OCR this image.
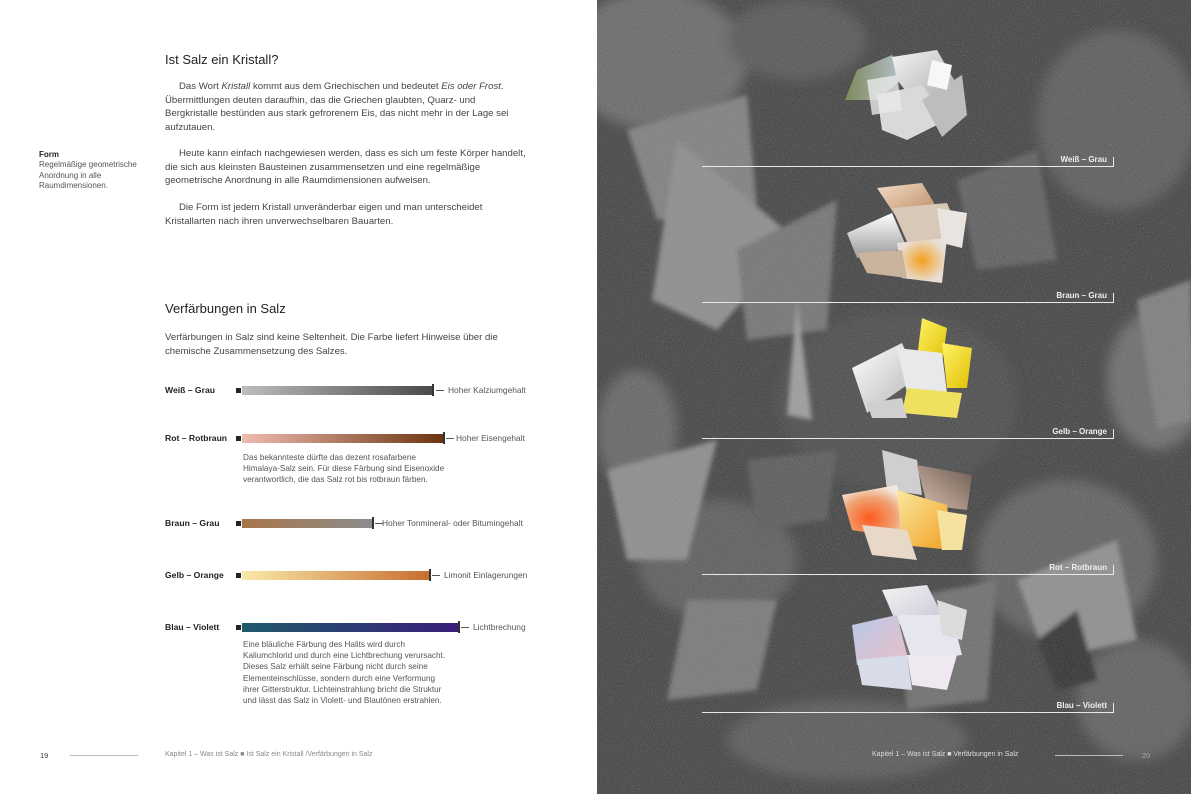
Ist Salz ein Kristall?
Das Wort Kristall kommt aus dem Griechischen und bedeutet Eis oder Frost. Übermittlungen deuten daraufhin, das die Griechen glaubten, Quarz- und Bergkristalle bestünden aus stark gefrorenem Eis, das nicht mehr in der Lage sei aufzutauen.
Heute kann einfach nachgewiesen werden, dass es sich um feste Körper handelt, die sich aus kleinsten Bausteinen zusammensetzen und eine regelmäßige geometrische Anordnung in alle Raumdimensionen aufweisen.
Die Form ist jedem Kristall unveränderbar eigen und man unterscheidet Kristallarten nach ihren unverwechselbaren Bauarten.
Form
Regelmäßige geometrische Anordnung in alle Raumdimensionen.
Verfärbungen in Salz
Verfärbungen in Salz sind keine Seltenheit. Die Farbe liefert Hinweise über die chemische Zusammensetzung des Salzes.
Weiß – Grau	Hoher Kalziumgehalt
Rot – Rotbraun	Hoher Eisengehalt
Das bekannteste dürfte das dezent rosafarbene Himalaya-Salz sein. Für diese Färbung sind Eisenoxide verantwortlich, die das Salz rot bis rotbraun färben.
Braun – Grau	Hoher Tonmineral- oder Bitumingehalt
Gelb – Orange	Limonit Einlagerungen
Blau – Violett	Lichtbrechung
Eine bläuliche Färbung des Halits wird durch Kaliumchlorid und durch eine Lichtbrechung verursacht. Dieses Salz erhält seine Färbung nicht durch seine Elementeinschlüsse, sondern durch eine Verformung ihrer Gitterstruktur. Lichteinstrahlung bricht die Struktur und lässt das Salz in Violett- und Blautönen erstrahlen.
19	Kapitel 1 – Was ist Salz ■ Ist Salz ein Kristall /Verfärbungen in Salz
Weiß – Grau
Braun – Grau
Gelb – Orange
Rot – Rotbraun
Blau – Violett
Kapitel 1 – Was ist Salz ■ Verfärbungen in Salz	20
